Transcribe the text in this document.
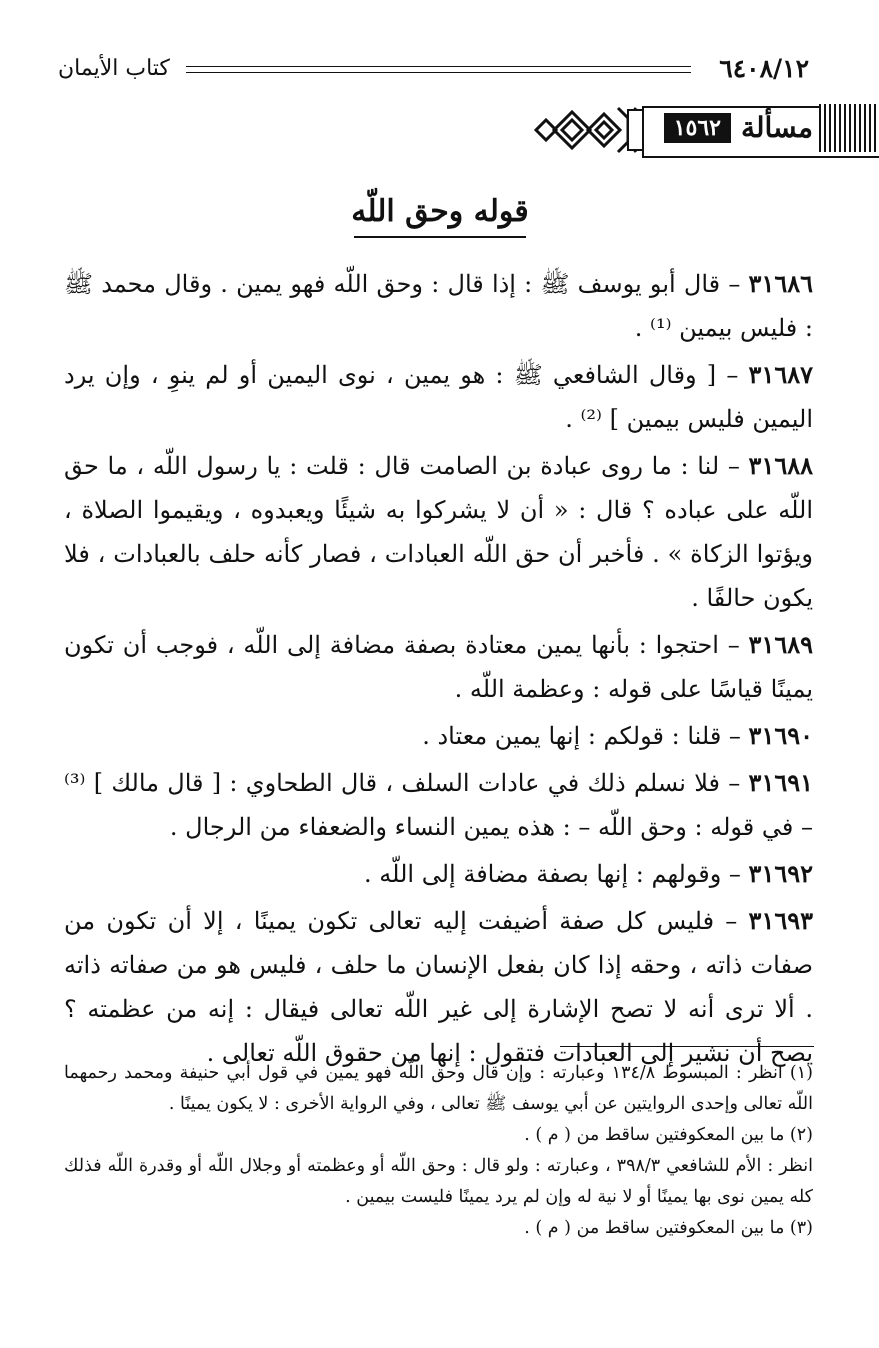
٦٤٠٨/١٢
كتاب الأيمان
مسألة
١٥٦٢
قوله وحق اللّه

٣١٦٨٦ – قال أبو يوسف ﷺ : إذا قال : وحق اللّه فهو يمين . وقال محمد ﷺ : فليس بيمين ⁽¹⁾ .

٣١٦٨٧ – [ وقال الشافعي ﷺ : هو يمين ، نوى اليمين أو لم ينوِ ، وإن يرد اليمين فليس بيمين ] ⁽²⁾ .

٣١٦٨٨ – لنا : ما روى عبادة بن الصامت قال : قلت : يا رسول اللّه ، ما حق اللّه على عباده ؟ قال : « أن لا يشركوا به شيئًا ويعبدوه ، ويقيموا الصلاة ، ويؤتوا الزكاة » . فأخبر أن حق اللّه العبادات ، فصار كأنه حلف بالعبادات ، فلا يكون حالفًا .

٣١٦٨٩ – احتجوا : بأنها يمين معتادة بصفة مضافة إلى اللّه ، فوجب أن تكون يمينًا قياسًا على قوله : وعظمة اللّه .

٣١٦٩٠ – قلنا : قولكم : إنها يمين معتاد .

٣١٦٩١ – فلا نسلم ذلك في عادات السلف ، قال الطحاوي : [ قال مالك ] ⁽³⁾ – في قوله : وحق اللّه – : هذه يمين النساء والضعفاء من الرجال .

٣١٦٩٢ – وقولهم : إنها بصفة مضافة إلى اللّه .

٣١٦٩٣ – فليس كل صفة أضيفت إليه تعالى تكون يمينًا ، إلا أن تكون من صفات ذاته ، وحقه إذا كان بفعل الإنسان ما حلف ، فليس هو من صفاته ذاته . ألا ترى أنه لا تصح الإشارة إلى غير اللّه تعالى فيقال : إنه من عظمته ؟ يصح أن نشير إلى العبادات فتقول : إنها من حقوق اللّه تعالى .

(١) انظر : المبسوط ١٣٤/٨ وعبارته : وإن قال وحق اللّه فهو يمين في قول أبي حنيفة ومحمد رحمهما اللّه تعالى وإحدى الروايتين عن أبي يوسف ﷺ تعالى ، وفي الرواية الأخرى : لا يكون يمينًا .

(٢) ما بين المعكوفتين ساقط من ( م ) .

انظر : الأم للشافعي ٣٩٨/٣ ، وعبارته : ولو قال : وحق اللّه أو وعظمته أو وجلال اللّه أو وقدرة اللّه فذلك كله يمين نوى بها يمينًا أو لا نية له وإن لم يرد يمينًا فليست بيمين .

(٣) ما بين المعكوفتين ساقط من ( م ) .
